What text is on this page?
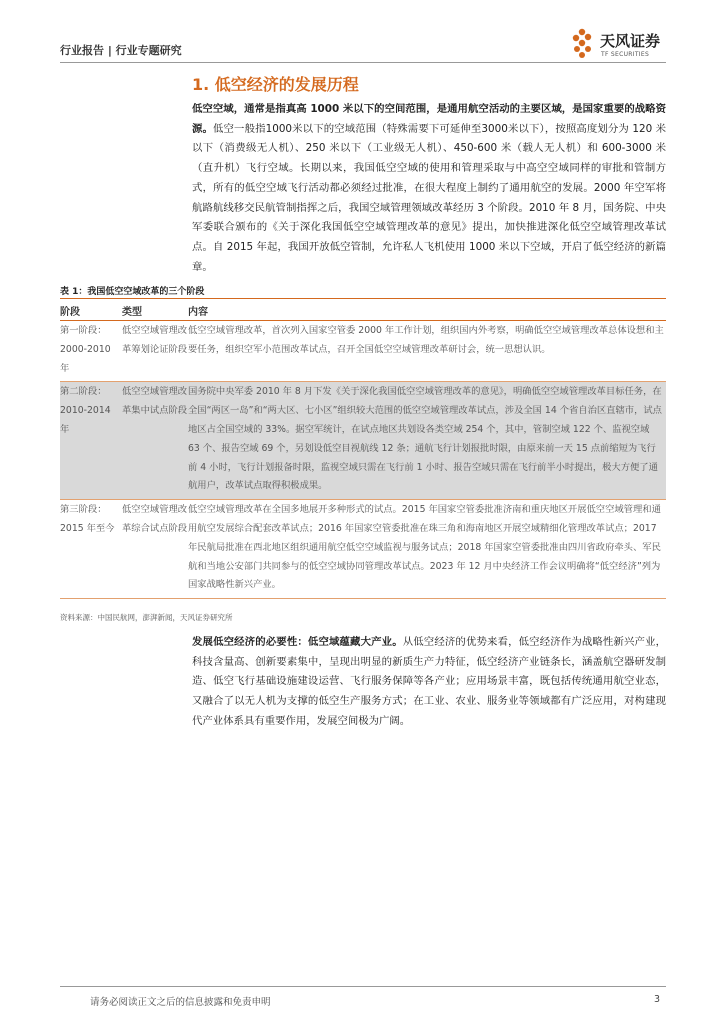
行业报告 | 行业专题研究
天风证券
TF SECURITIES
1. 低空经济的发展历程
低空空域，通常是指真高 1000 米以下的空间范围，是通用航空活动的主要区域，是国家重要的战略资源。低空一般指1000米以下的空域范围（特殊需要下可延伸至3000米以下），按照高度划分为 120 米以下（消费级无人机）、250 米以下（工业级无人机）、450-600 米（载人无人机）和 600-3000 米（直升机）飞行空域。长期以来，我国低空空域的使用和管理采取与中高空空域同样的审批和管制方式，所有的低空空域飞行活动都必须经过批准，在很大程度上制约了通用航空的发展。2000 年空军将航路航线移交民航管制指挥之后，我国空域管理领域改革经历 3 个阶段。2010 年 8 月，国务院、中央军委联合颁布的《关于深化我国低空空域管理改革的意见》提出，加快推进深化低空空域管理改革试点。自 2015 年起，我国开放低空管制，允许私人飞机使用 1000 米以下空域，开启了低空经济的新篇章。
表 1：我国低空空域改革的三个阶段
阶段	类型	内容
第一阶段：2000-2010 年	低空空域管理改革筹划论证阶段	低空空域管理改革，首次列入国家空管委 2000 年工作计划，组织国内外考察，明确低空空域管理改革总体设想和主要任务，组织空军小范围改革试点，召开全国低空空域管理改革研讨会，统一思想认识。
第二阶段：2010-2014 年	低空空域管理改革集中试点阶段	国务院中央军委 2010 年 8 月下发《关于深化我国低空空域管理改革的意见》，明确低空空域管理改革目标任务，在全国“两区一岛”和“两大区、七小区”组织较大范围的低空空域管理改革试点，涉及全国 14 个省自治区直辖市，试点地区占全国空域的 33%。据空军统计，在试点地区共划设各类空域 254 个，其中，管制空域 122 个、监视空域 63 个、报告空域 69 个，另划设低空目视航线 12 条；通航飞行计划报批时限，由原来前一天 15 点前缩短为飞行前 4 小时，飞行计划报备时限，监视空域只需在飞行前 1 小时、报告空域只需在飞行前半小时提出，极大方便了通航用户，改革试点取得积极成果。
第三阶段：2015 年至今	低空空域管理改革综合试点阶段	低空空域管理改革在全国多地展开多种形式的试点。2015 年国家空管委批准济南和重庆地区开展低空空域管理和通用航空发展综合配套改革试点；2016 年国家空管委批准在珠三角和海南地区开展空域精细化管理改革试点；2017 年民航局批准在西北地区组织通用航空低空空域监视与服务试点；2018 年国家空管委批准由四川省政府牵头、军民航和当地公安部门共同参与的低空空域协同管理改革试点。2023 年 12 月中央经济工作会议明确将“低空经济”列为国家战略性新兴产业。
资料来源：中国民航网，澎湃新闻，天风证券研究所
发展低空经济的必要性：低空域蕴藏大产业。从低空经济的优势来看，低空经济作为战略性新兴产业，科技含量高、创新要素集中，呈现出明显的新质生产力特征，低空经济产业链条长，涵盖航空器研发制造、低空飞行基础设施建设运营、飞行服务保障等各产业；应用场景丰富，既包括传统通用航空业态，又融合了以无人机为支撑的低空生产服务方式；在工业、农业、服务业等领域都有广泛应用，对构建现代产业体系具有重要作用，发展空间极为广阔。
请务必阅读正文之后的信息披露和免责申明	3
